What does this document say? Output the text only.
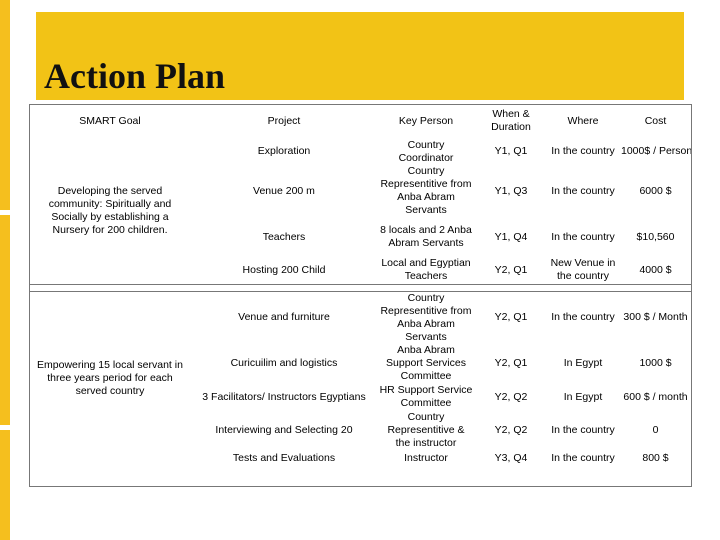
Action Plan
SMART Goal	Project	Key Person	When & Duration	Where	Cost
Developing the served community: Spiritually and Socially by establishing a Nursery for 200 children.	Exploration	Country Coordinator	Y1, Q1	In the country	1000$ / Person
	Venue 200 m	Country Representitive from Anba Abram Servants	Y1, Q3	In the country	6000 $
	Teachers	8 locals and 2 Anba Abram Servants	Y1, Q4	In the country	$10,560
	Hosting 200 Child	Local and Egyptian Teachers	Y2, Q1	New Venue in the country	4000 $

Empowering 15 local servant in three years period for each served country	Venue and furniture	Country Representitive from Anba Abram Servants	Y2, Q1	In the country	300 $ / Month
	Curicuilim and logistics	Anba Abram Support Services Committee	Y2, Q1	In Egypt	1000 $
	3 Facilitators/ Instructors Egyptians	HR Support Service Committee	Y2, Q2	In Egypt	600 $ / month
	Interviewing and Selecting 20	Country Representitive & the instructor	Y2, Q2	In the country	0
	Tests and Evaluations	Instructor	Y3, Q4	In the country	800 $
